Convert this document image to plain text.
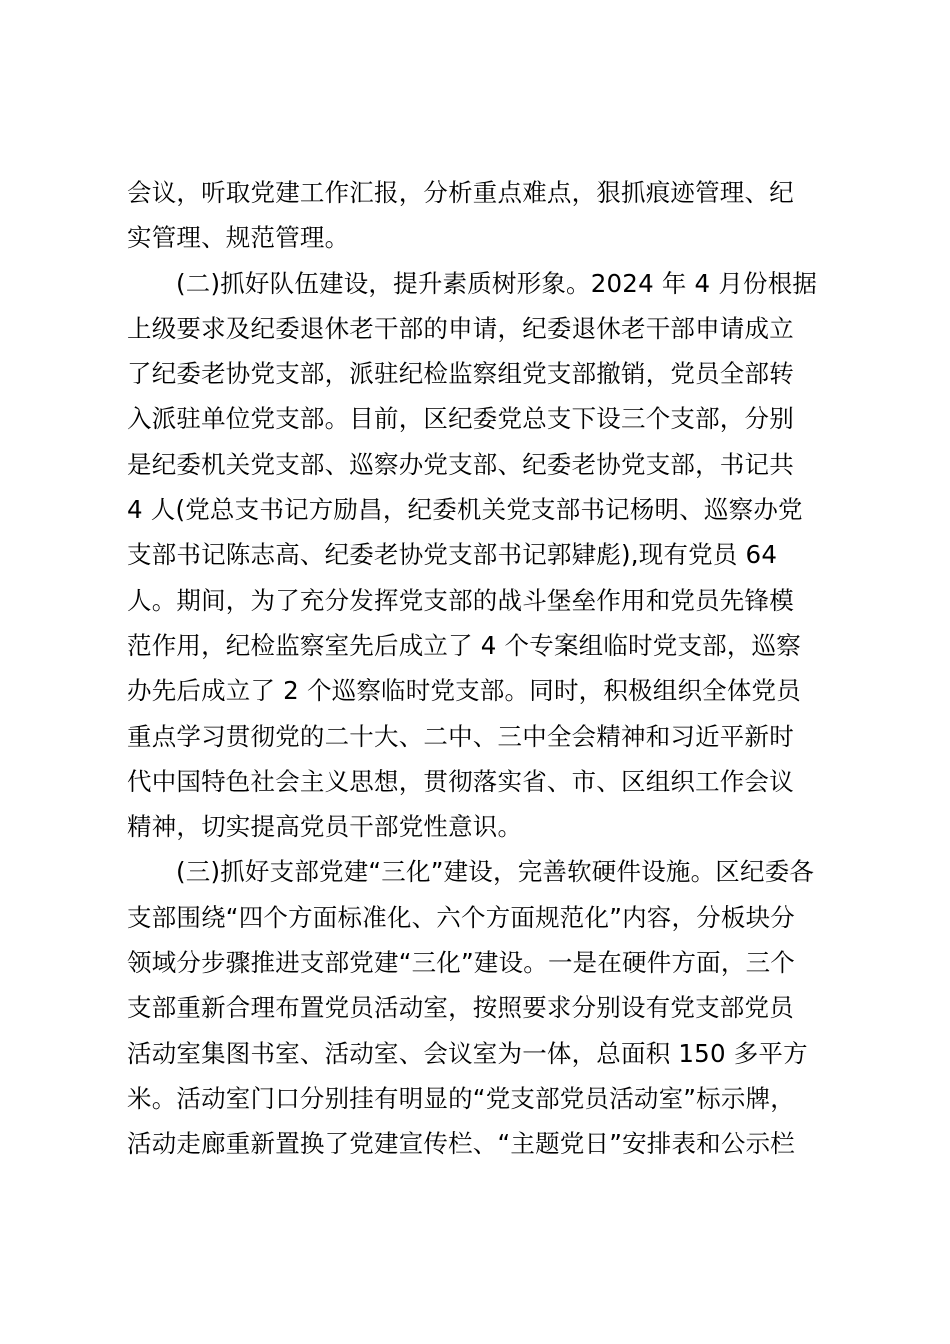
会议，听取党建工作汇报，分析重点难点，狠抓痕迹管理、纪
实管理、规范管理。
(二)抓好队伍建设，提升素质树形象。2024 年 4 月份根据
上级要求及纪委退休老干部的申请，纪委退休老干部申请成立
了纪委老协党支部，派驻纪检监察组党支部撤销，党员全部转
入派驻单位党支部。目前，区纪委党总支下设三个支部，分别
是纪委机关党支部、巡察办党支部、纪委老协党支部，书记共
4 人(党总支书记方励昌，纪委机关党支部书记杨明、巡察办党
支部书记陈志高、纪委老协党支部书记郭肄彪),现有党员 64
人。期间，为了充分发挥党支部的战斗堡垒作用和党员先锋模
范作用，纪检监察室先后成立了 4 个专案组临时党支部，巡察
办先后成立了 2 个巡察临时党支部。同时，积极组织全体党员
重点学习贯彻党的二十大、二中、三中全会精神和习近平新时
代中国特色社会主义思想，贯彻落实省、市、区组织工作会议
精神，切实提高党员干部党性意识。
(三)抓好支部党建“三化”建设，完善软硬件设施。区纪委各
支部围绕“四个方面标准化、六个方面规范化”内容，分板块分
领域分步骤推进支部党建“三化”建设。一是在硬件方面，三个
支部重新合理布置党员活动室，按照要求分别设有党支部党员
活动室集图书室、活动室、会议室为一体，总面积 150 多平方
米。活动室门口分别挂有明显的“党支部党员活动室”标示牌，
活动走廊重新置换了党建宣传栏、“主题党日”安排表和公示栏
